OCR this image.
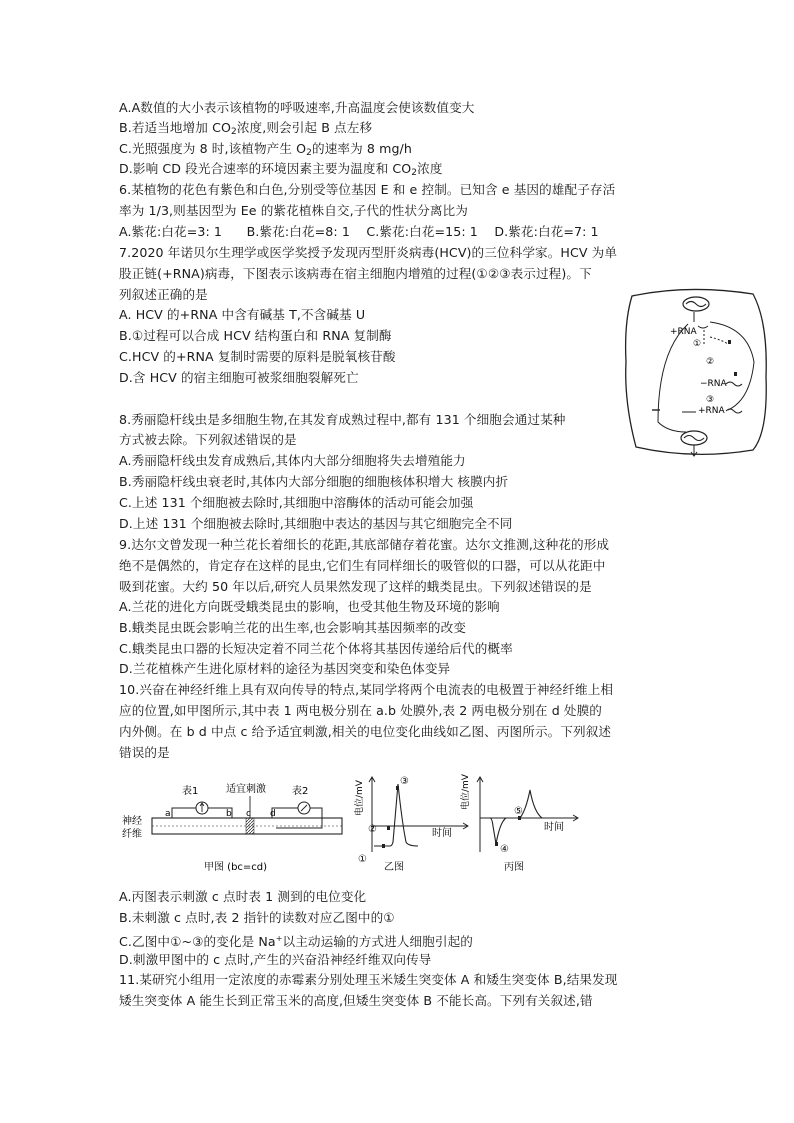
A.A数值的大小表示该植物的呼吸速率,升高温度会使该数值变大
B.若适当地增加 $CO_2$浓度,则会引起 B 点左移
C.光照强度为 8 时,该植物产生 $O_2$的速率为 8 mg/h
D.影响 CD 段光合速率的环境因素主要为温度和 $CO_2$浓度
6.某植物的花色有紫色和白色,分别受等位基因 E 和 e 控制。已知含 e 基因的雄配子存活
率为 1/3,则基因型为 Ee 的紫花植株自交,子代的性状分离比为
A.紫花:白花=3: 1      B.紫花:白花=8: 1    C.紫花:白花=15: 1    D.紫花:白花=7: 1
7.2020 年诺贝尔生理学或医学奖授予发现丙型肝炎病毒(HCV)的三位科学家。HCV 为单
股正链(+RNA)病毒，下图表示该病毒在宿主细胞内增殖的过程(①②③表示过程)。下
列叙述正确的是
A. HCV 的+RNA 中含有碱基 T,不含碱基 U
B.①过程可以合成 HCV 结构蛋白和 RNA 复制酶
C.HCV 的+RNA 复制时需要的原料是脱氧核苷酸
D.含 HCV 的宿主细胞可被浆细胞裂解死亡
8.秀丽隐杆线虫是多细胞生物,在其发育成熟过程中,都有 131 个细胞会通过某种
方式被去除。下列叙述错误的是
A.秀丽隐杆线虫发育成熟后,其体内大部分细胞将失去增殖能力
B.秀丽隐杆线虫衰老时,其体内大部分细胞的细胞核体积增大 核膜内折
C.上述 131 个细胞被去除时,其细胞中溶酶体的活动可能会加强
D.上述 131 个细胞被去除时,其细胞中表达的基因与其它细胞完全不同
9.达尔文曾发现一种兰花长着细长的花距,其底部储存着花蜜。达尔文推测,这种花的形成
绝不是偶然的，肯定存在这样的昆虫,它们生有同样细长的吸管似的口器，可以从花距中
吸到花蜜。大约 50 年以后,研究人员果然发现了这样的蛾类昆虫。下列叙述错误的是
A.兰花的进化方向既受蛾类昆虫的影响，也受其他生物及环境的影响
B.蛾类昆虫既会影响兰花的出生率,也会影响其基因频率的改变
C.蛾类昆虫口器的长短决定着不同兰花个体将其基因传递给后代的概率
D.兰花植株产生进化原材料的途径为基因突变和染色体变异
10.兴奋在神经纤维上具有双向传导的特点,某同学将两个电流表的电极置于神经纤维上相
应的位置,如甲图所示,其中表 1 两电极分别在 a.b 处膜外,表 2 两电极分别在 d 处膜的
内外侧。在 b d 中点 c 给予适宜刺激,相关的电位变化曲线如乙图、丙图所示。下列叙述
错误的是
A.丙图表示刺激 c 点时表 1 测到的电位变化
B.未刺激 c 点时,表 2 指针的读数对应乙图中的①
C.乙图中①~③的变化是 Na+以主动运输的方式进人细胞引起的
D.刺激甲图中的 c 点时,产生的兴奋沿神经纤维双向传导
11.某研究小组用一定浓度的赤霉素分别处理玉米矮生突变体 A 和矮生突变体 B,结果发现
矮生突变体 A 能生长到正常玉米的高度,但矮生突变体 B 不能长高。下列有关叙述,错
+RNA
①
②
−RNA
③
+RNA
神经
纤维
表1
a	b
适宜刺激
c
表2
d
甲图 (bc=cd)
电位/mV
时间
①
②
③
乙图
电位/mV
时间
④
⑤
丙图
